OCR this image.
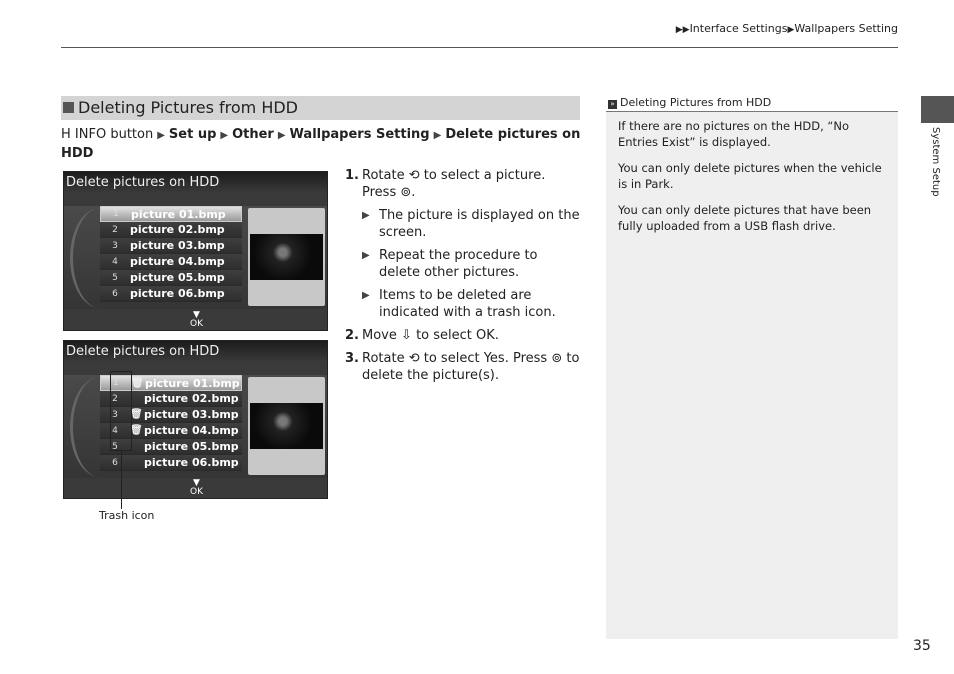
▶▶Interface Settings▶Wallpapers Setting
Deleting Pictures from HDD
H INFO button ▶ Set up ▶ Other ▶ Wallpapers Setting ▶ Delete pictures on HDD
Delete pictures on HDD
1	picture 01.bmp
2	picture 02.bmp
3	picture 03.bmp
4	picture 04.bmp
5	picture 05.bmp
6	picture 06.bmp
▼
OK
Delete pictures on HDD
1	🗑 picture 01.bmp
2	picture 02.bmp
3	🗑 picture 03.bmp
4	🗑 picture 04.bmp
5	picture 05.bmp
6	picture 06.bmp
▼
OK
Trash icon
1. Rotate ⟲ to select a picture. Press ⊚.
▶ The picture is displayed on the screen.
▶ Repeat the procedure to delete other pictures.
▶ Items to be deleted are indicated with a trash icon.
2. Move ⇩ to select OK.
3. Rotate ⟲ to select Yes. Press ⊚ to delete the picture(s).
» Deleting Pictures from HDD

If there are no pictures on the HDD, “No Entries Exist” is displayed.

You can only delete pictures when the vehicle is in Park.

You can only delete pictures that have been fully uploaded from a USB flash drive.

System Setup
35
